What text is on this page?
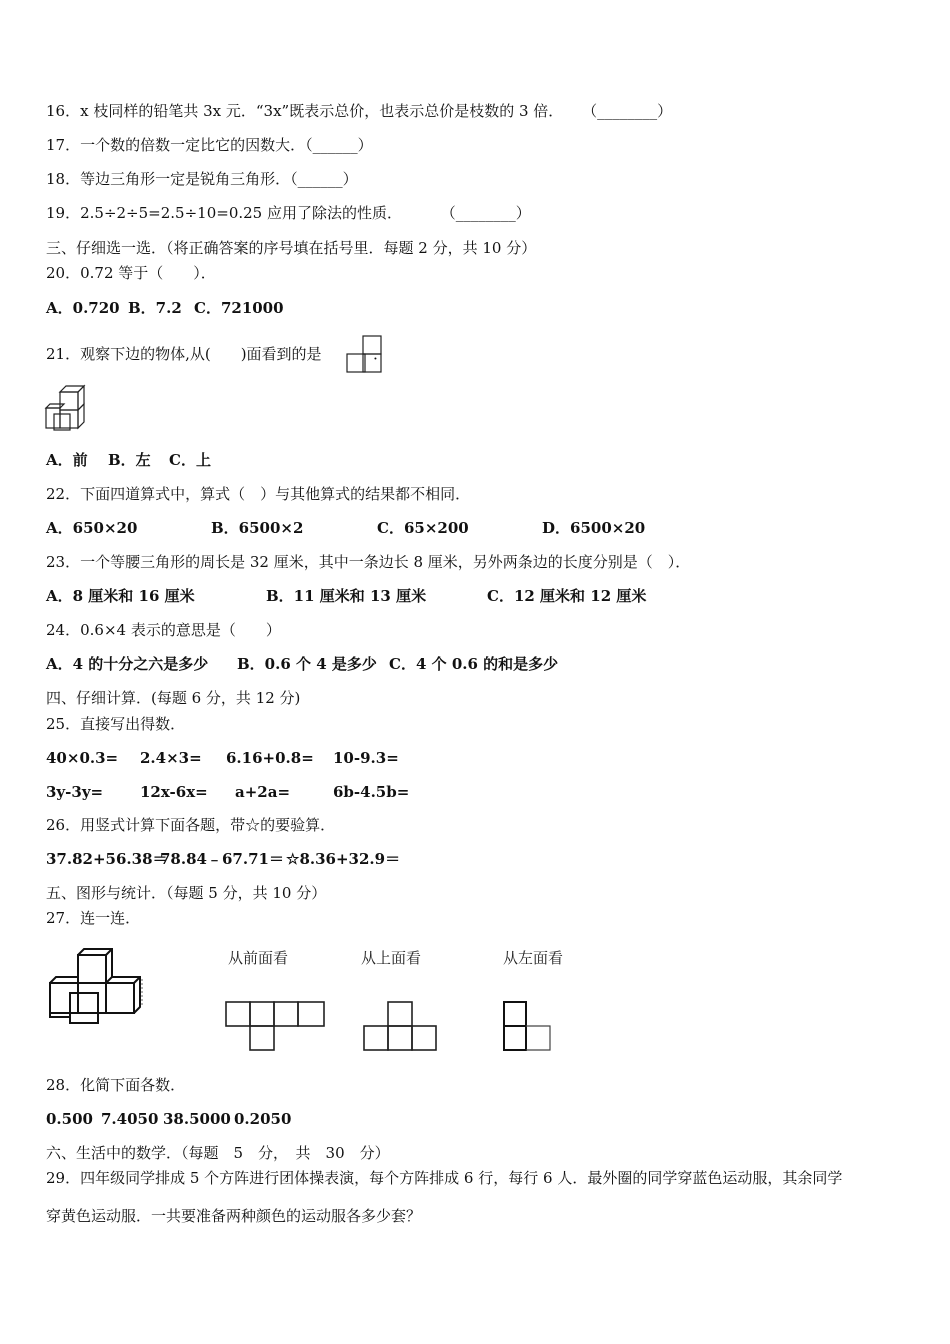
16．x 枝同样的铅笔共 3x 元．“3x”既表示总价，也表示总价是枝数的 3 倍． （________）
17．一个数的倍数一定比它的因数大．（______）
18．等边三角形一定是锐角三角形．（______）
19．2.5÷2÷5=2.5÷10=0.25 应用了除法的性质．	（________）
三、仔细选一选．（将正确答案的序号填在括号里．每题 2 分，共 10 分）
20．0.72 等于（　　）．
A．0.720 B．7.2 C．721000
21．观察下边的物体,从(　　)面看到的是	．
A．前 B．左 C．上
22．下面四道算式中，算式（　）与其他算式的结果都不相同．
A．650×20	B．6500×2	C．65×200	D．6500×20
23．一个等腰三角形的周长是 32 厘米，其中一条边长 8 厘米，另外两条边的长度分别是（　）．
A．8 厘米和 16 厘米	B．11 厘米和 13 厘米	C．12 厘米和 12 厘米
24．0.6×4 表示的意思是（　　）
A．4 的十分之六是多少 B．0.6 个 4 是多少 C．4 个 0.6 的和是多少
四、仔细计算．(每题 6 分，共 12 分)
25．直接写出得数．
40×0.3= 2.4×3= 6.16+0.8= 10-9.3=
3y-3y= 12x-6x= a+2a=	6b-4.5b=
26．用竖式计算下面各题，带☆的要验算．
37.82+56.38＝
78.84﹣67.71＝ ☆8.36+32.9＝
五、图形与统计．（每题 5 分，共 10 分）
27．连一连．
从前面看	从上面看	从左面看
28．化简下面各数．
0.500 7.4050 38.5000 0.2050
六、生活中的数学．（每题　5　分，　共　30　分）
29．四年级同学排成 5 个方阵进行团体操表演，每个方阵排成 6 行，每行 6 人．最外圈的同学穿蓝色运动服，其余同学
穿黄色运动服．一共要准备两种颜色的运动服各多少套？
